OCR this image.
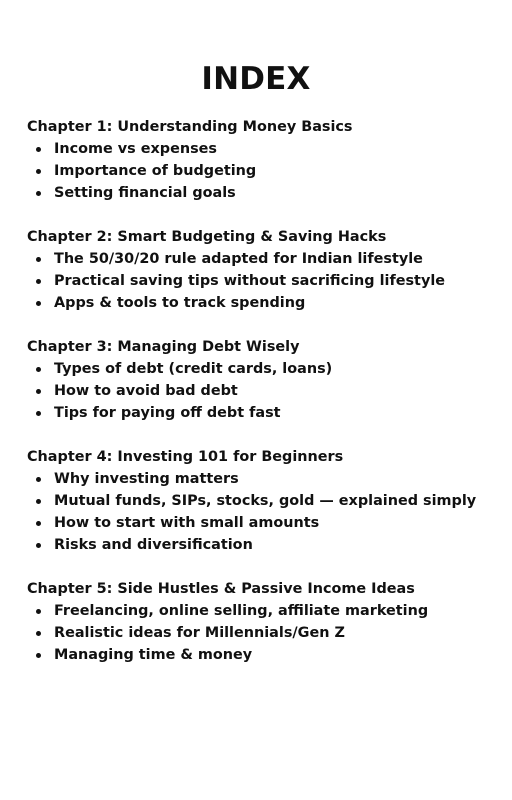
INDEX
Chapter 1: Understanding Money Basics
Income vs expenses
Importance of budgeting
Setting financial goals
Chapter 2: Smart Budgeting & Saving Hacks
The 50/30/20 rule adapted for Indian lifestyle
Practical saving tips without sacrificing lifestyle
Apps & tools to track spending
Chapter 3: Managing Debt Wisely
Types of debt (credit cards, loans)
How to avoid bad debt
Tips for paying off debt fast
Chapter 4: Investing 101 for Beginners
Why investing matters
Mutual funds, SIPs, stocks, gold — explained simply
How to start with small amounts
Risks and diversification
Chapter 5: Side Hustles & Passive Income Ideas
Freelancing, online selling, affiliate marketing
Realistic ideas for Millennials/Gen Z
Managing time & money
